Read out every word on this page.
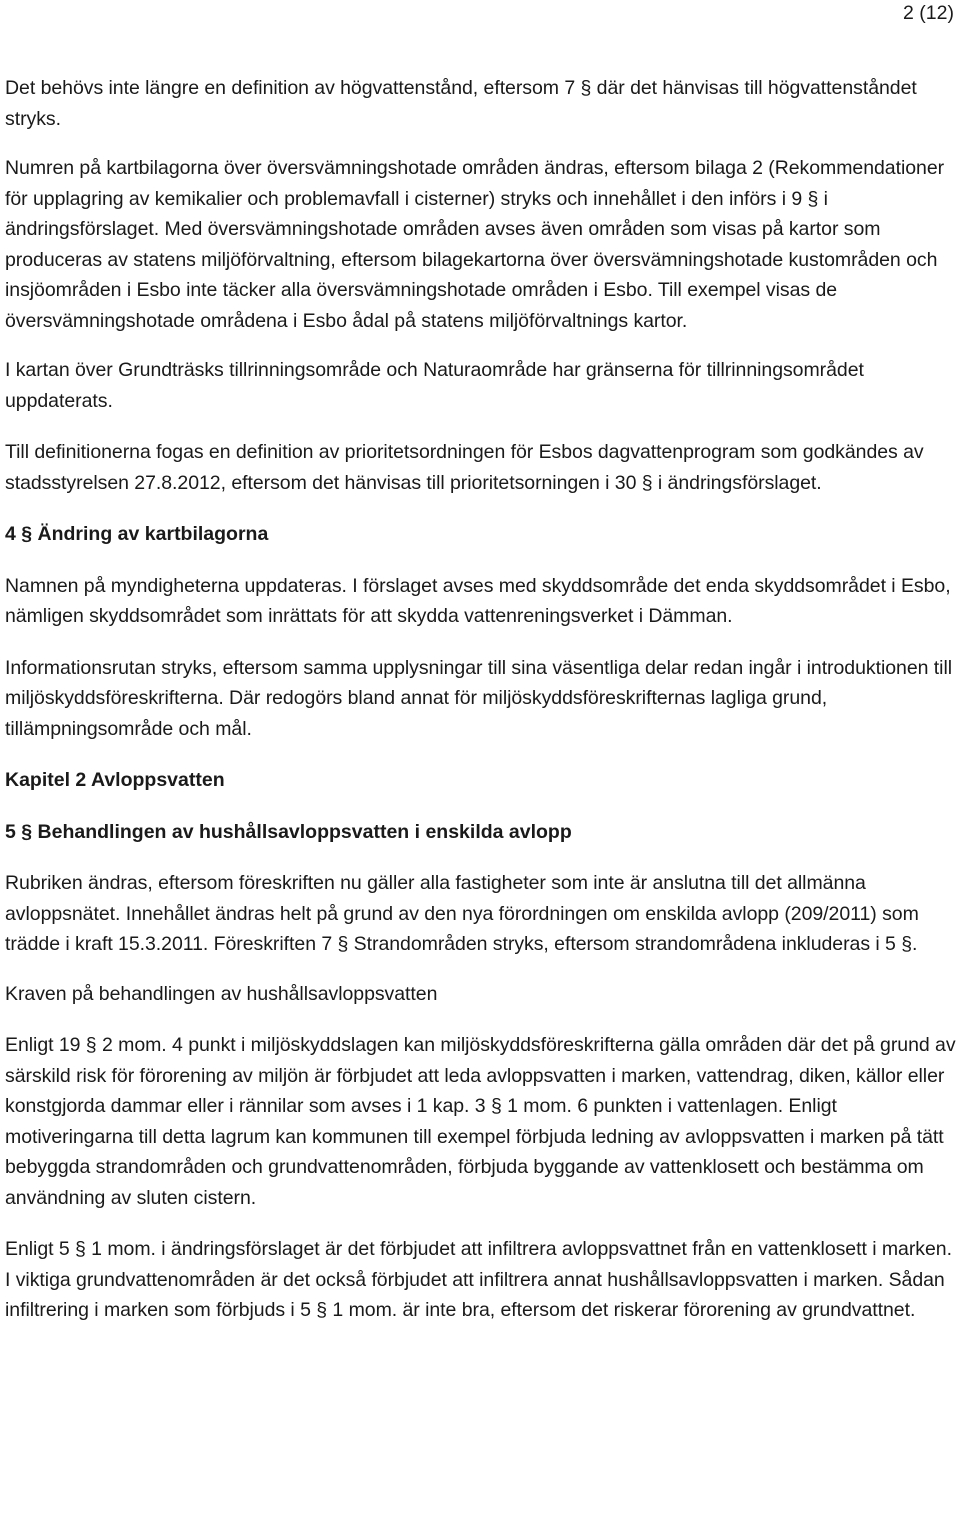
2 (12)

Det behövs inte längre en definition av högvattenstånd, eftersom 7 § där det hänvisas till högvattenståndet stryks.

Numren på kartbilagorna över översvämningshotade områden ändras, eftersom bilaga 2 (Rekommendationer för upplagring av kemikalier och problemavfall i cisterner) stryks och innehållet i den införs i 9 § i ändringsförslaget. Med översvämningshotade områden avses även områden som visas på kartor som produceras av statens miljöförvaltning, eftersom bilagekartorna över översvämningshotade kustområden och insjöområden i Esbo inte täcker alla översvämningshotade områden i Esbo. Till exempel visas de översvämningshotade områdena i Esbo ådal på statens miljöförvaltnings kartor.

I kartan över Grundträsks tillrinningsområde och Naturaområde har gränserna för tillrinningsområdet uppdaterats.

Till definitionerna fogas en definition av prioritetsordningen för Esbos dagvattenprogram som godkändes av stadsstyrelsen 27.8.2012, eftersom det hänvisas till prioritetsorningen i 30 § i ändringsförslaget.

4 § Ändring av kartbilagorna

Namnen på myndigheterna uppdateras. I förslaget avses med skyddsområde det enda skyddsområdet i Esbo, nämligen skyddsområdet som inrättats för att skydda vattenreningsverket i Dämman.

Informationsrutan stryks, eftersom samma upplysningar till sina väsentliga delar redan ingår i introduktionen till miljöskyddsföreskrifterna. Där redogörs bland annat för miljöskyddsföreskrifternas lagliga grund, tillämpningsområde och mål.

Kapitel 2 Avloppsvatten
5 § Behandlingen av hushållsavloppsvatten i enskilda avlopp

Rubriken ändras, eftersom föreskriften nu gäller alla fastigheter som inte är anslutna till det allmänna avloppsnätet. Innehållet ändras helt på grund av den nya förordningen om enskilda avlopp (209/2011) som trädde i kraft 15.3.2011. Föreskriften 7 § Strandområden stryks, eftersom strandområdena inkluderas i 5 §.

Kraven på behandlingen av hushållsavloppsvatten

Enligt 19 § 2 mom. 4 punkt i miljöskyddslagen kan miljöskyddsföreskrifterna gälla områden där det på grund av särskild risk för förorening av miljön är förbjudet att leda avloppsvatten i marken, vattendrag, diken, källor eller konstgjorda dammar eller i rännilar som avses i 1 kap. 3 § 1 mom. 6 punkten i vattenlagen. Enligt motiveringarna till detta lagrum kan kommunen till exempel förbjuda ledning av avloppsvatten i marken på tätt bebyggda strandområden och grundvattenområden, förbjuda byggande av vattenklosett och bestämma om användning av sluten cistern.

Enligt 5 § 1 mom. i ändringsförslaget är det förbjudet att infiltrera avloppsvattnet från en vattenklosett i marken. I viktiga grundvattenområden är det också förbjudet att infiltrera annat hushållsavloppsvatten i marken. Sådan infiltrering i marken som förbjuds i 5 § 1 mom. är inte bra, eftersom det riskerar förorening av grundvattnet.
